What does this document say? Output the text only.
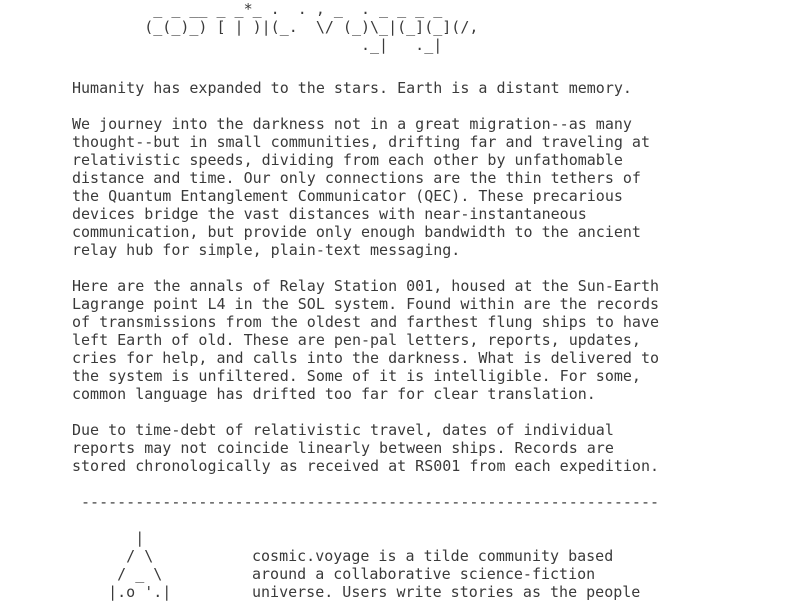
_ _ __ _ _*_ .  . , _  . _ _ _ _
(_(_)_) [ | )|(_.  \/ (_)\_|(_](_](/,
._|   ._|
Humanity has expanded to the stars. Earth is a distant memory.
We journey into the darkness not in a great migration--as many
thought--but in small communities, drifting far and traveling at
relativistic speeds, dividing from each other by unfathomable
distance and time. Our only connections are the thin tethers of
the Quantum Entanglement Communicator (QEC). These precarious
devices bridge the vast distances with near-instantaneous
communication, but provide only enough bandwidth to the ancient
relay hub for simple, plain-text messaging.
Here are the annals of Relay Station 001, housed at the Sun-Earth
Lagrange point L4 in the SOL system. Found within are the records
of transmissions from the oldest and farthest flung ships to have
left Earth of old. These are pen-pal letters, reports, updates,
cries for help, and calls into the darkness. What is delivered to
the system is unfiltered. Some of it is intelligible. For some,
common language has drifted too far for clear translation.
Due to time-debt of relativistic travel, dates of individual
reports may not coincide linearly between ships. Records are
stored chronologically as received at RS001 from each expedition.
----------------------------------------------------------------
|
/ \
/ _ \
|.o '.|
cosmic.voyage is a tilde community based
around a collaborative science-fiction
universe. Users write stories as the people
